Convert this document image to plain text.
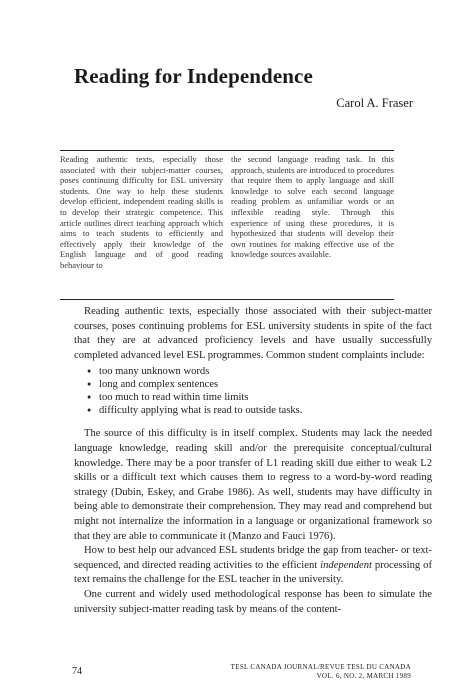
Reading for Independence

Carol A. Fraser

Reading authentic texts, especially those associated with their subject-matter courses, poses continuing difficulty for ESL university students. One way to help these students develop efficient, independent reading skills is to develop their strategic competence. This article outlines direct teaching approach which aims to teach students to efficiently and effectively apply their knowledge of the English language and of good reading behaviour to

the second language reading task. In this approach, students are introduced to procedures that require them to apply language and skill knowledge to solve each second language reading problem as unfamiliar words or an inflexible reading style. Through this experience of using these procedures, it is hypothesized that students will develop their own routines for making effective use of the knowledge sources available.

Reading authentic texts, especially those associated with their subject-matter courses, poses continuing problems for ESL university students in spite of the fact that they are at advanced proficiency levels and have usually successfully completed advanced level ESL programmes. Common student complaints include:

● too many unknown words
● long and complex sentences
● too much to read within time limits
● difficulty applying what is read to outside tasks.

The source of this difficulty is in itself complex. Students may lack the needed language knowledge, reading skill and/or the prerequisite conceptual/cultural knowledge. There may be a poor transfer of L1 reading skill due either to weak L2 skills or a difficult text which causes them to regress to a word-by-word reading strategy (Dubin, Eskey, and Grabe 1986). As well, students may have difficulty in being able to demonstrate their comprehension. They may read and comprehend but might not internalize the information in a language or organizational framework so that they are able to communicate it (Manzo and Fauci 1976).

How to best help our advanced ESL students bridge the gap from teacher- or text-sequenced, and directed reading activities to the efficient independent processing of text remains the challenge for the ESL teacher in the university.

One current and widely used methodological response has been to simulate the university subject-matter reading task by means of the content-

74	TESL CANADA JOURNAL/REVUE TESL DU CANADA
VOL. 6, NO. 2, MARCH 1989
